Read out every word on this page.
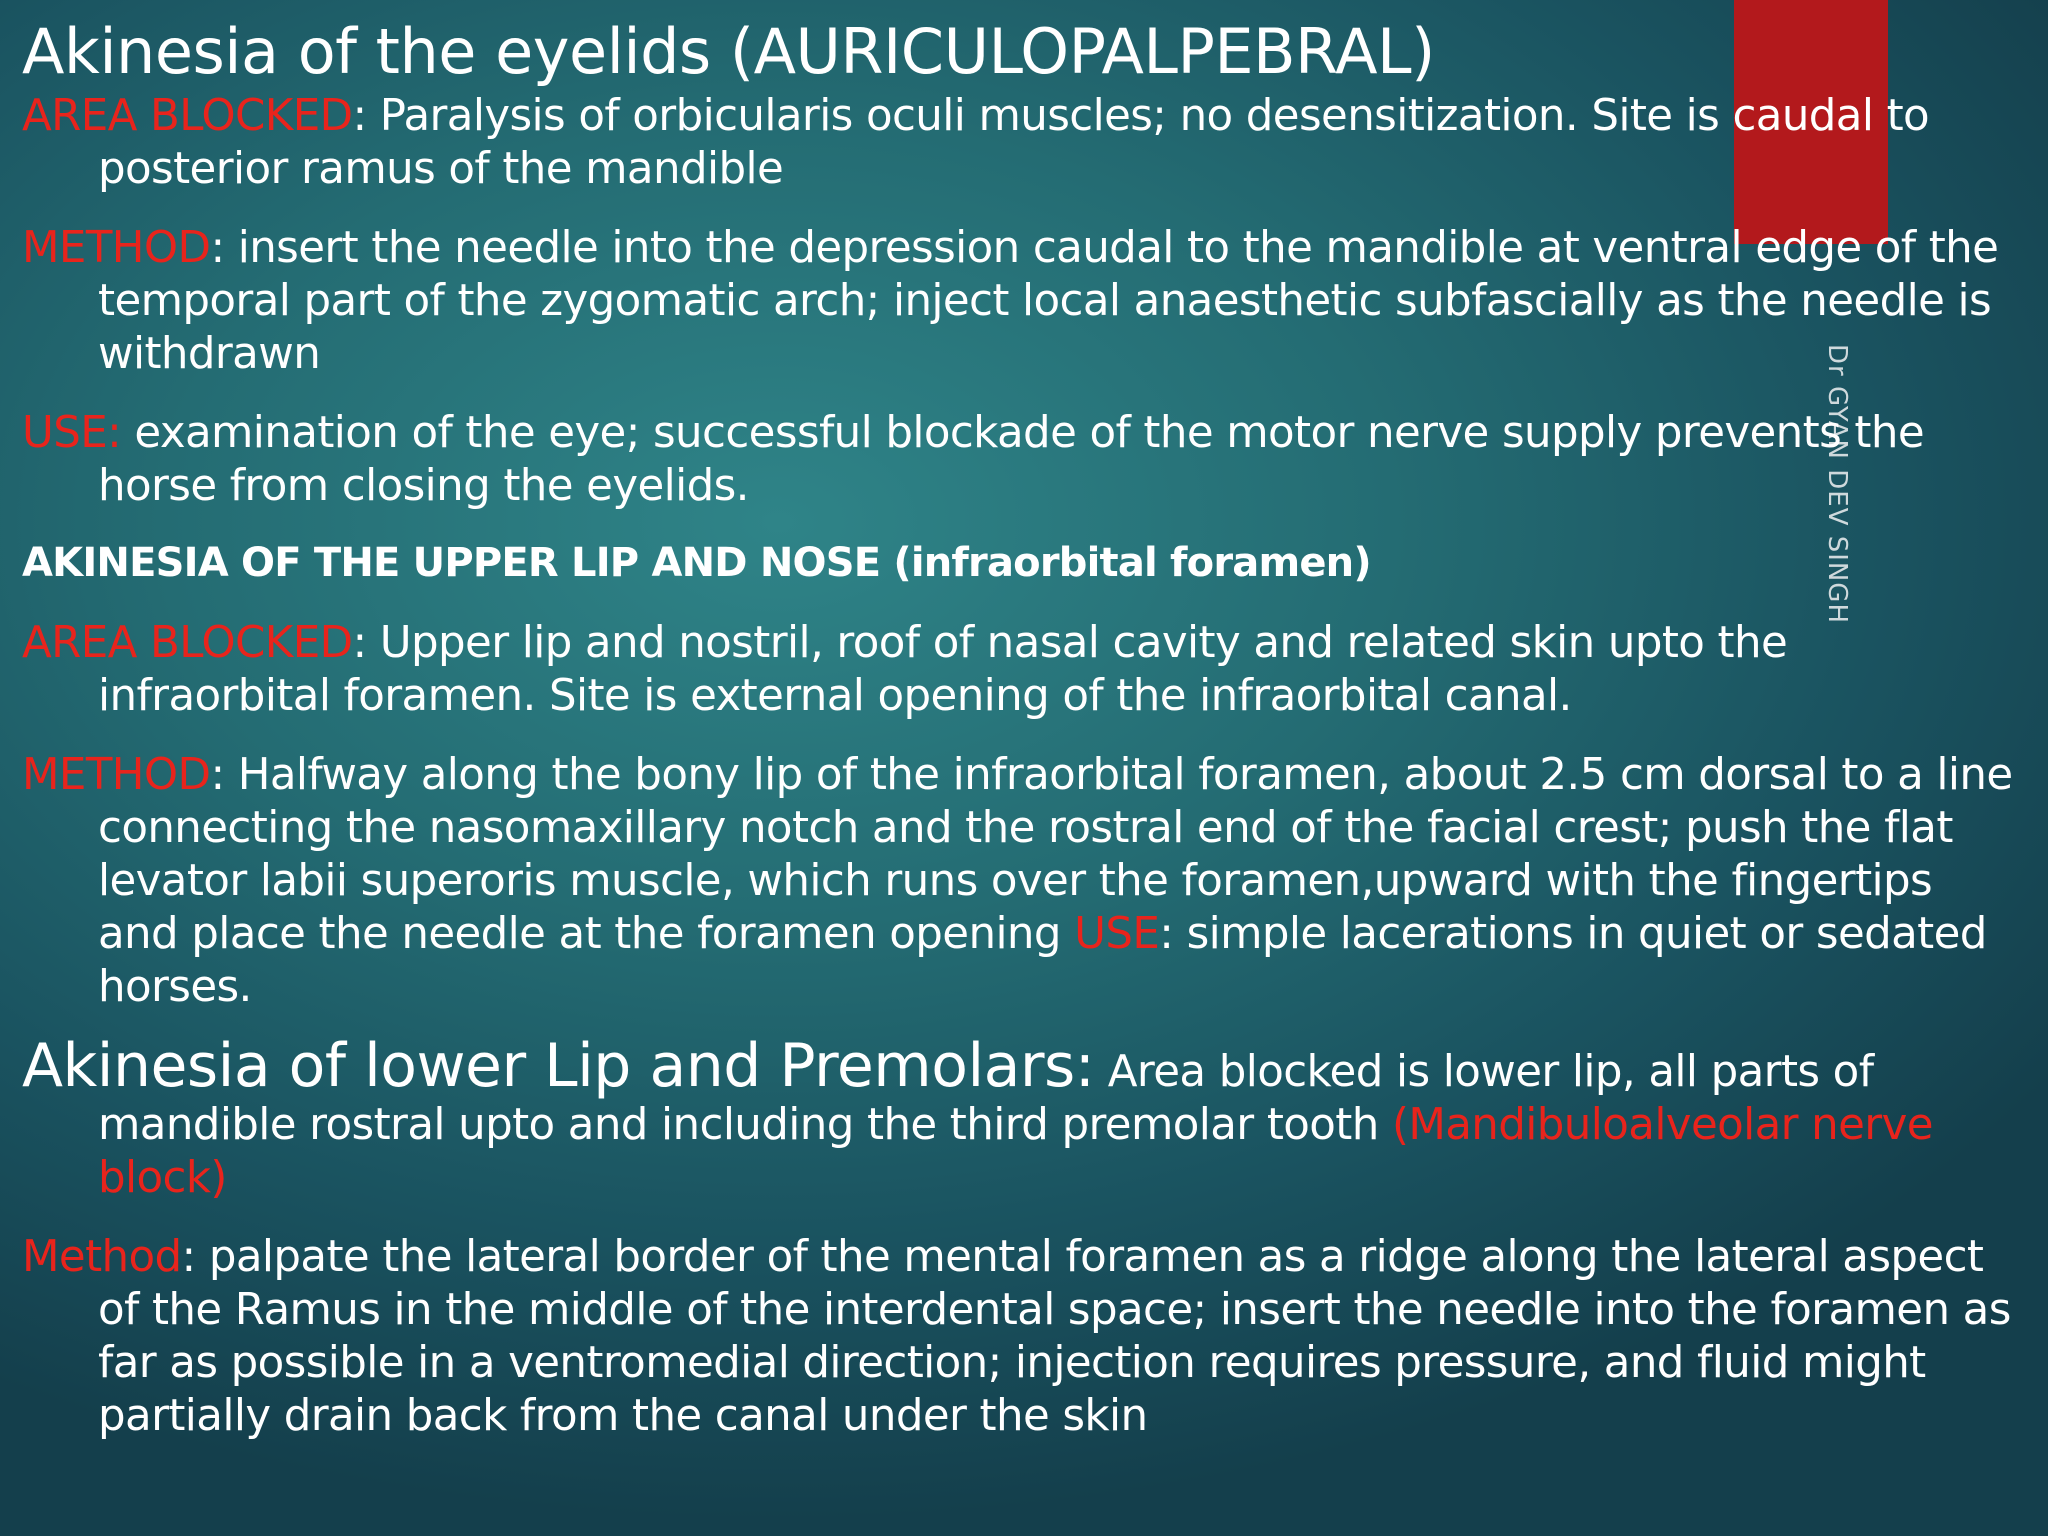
Dr GYAN DEV SINGH
Akinesia of the eyelids (AURICULOPALPEBRAL)

AREA BLOCKED: Paralysis of orbicularis oculi muscles; no desensitization. Site is caudal to posterior ramus of the mandible

METHOD: insert the needle into the depression caudal to the mandible at ventral edge of the temporal part of the zygomatic arch; inject local anaesthetic subfascially as the needle is withdrawn

USE: examination of the eye; successful blockade of the motor nerve supply prevents the horse from closing the eyelids.

AKINESIA OF THE UPPER LIP AND NOSE (infraorbital foramen)

AREA BLOCKED: Upper lip and nostril, roof of nasal cavity and related skin upto the infraorbital foramen. Site is external opening of the infraorbital canal.

METHOD: Halfway along the bony lip of the infraorbital foramen, about 2.5 cm dorsal to a line connecting the nasomaxillary notch and the rostral end of the facial crest; push the flat levator labii superoris muscle, which runs over the foramen,upward with the fingertips and place the needle at the foramen opening USE: simple lacerations in quiet or sedated horses.

Akinesia of lower Lip and Premolars: Area blocked is lower lip, all parts of mandible rostral upto and including the third premolar tooth (Mandibuloalveolar nerve block)

Method: palpate the lateral border of the mental foramen as a ridge along the lateral aspect of the Ramus in the middle of the interdental space; insert the needle into the foramen as far as possible in a ventromedial direction; injection requires pressure, and fluid might partially drain back from the canal under the skin
